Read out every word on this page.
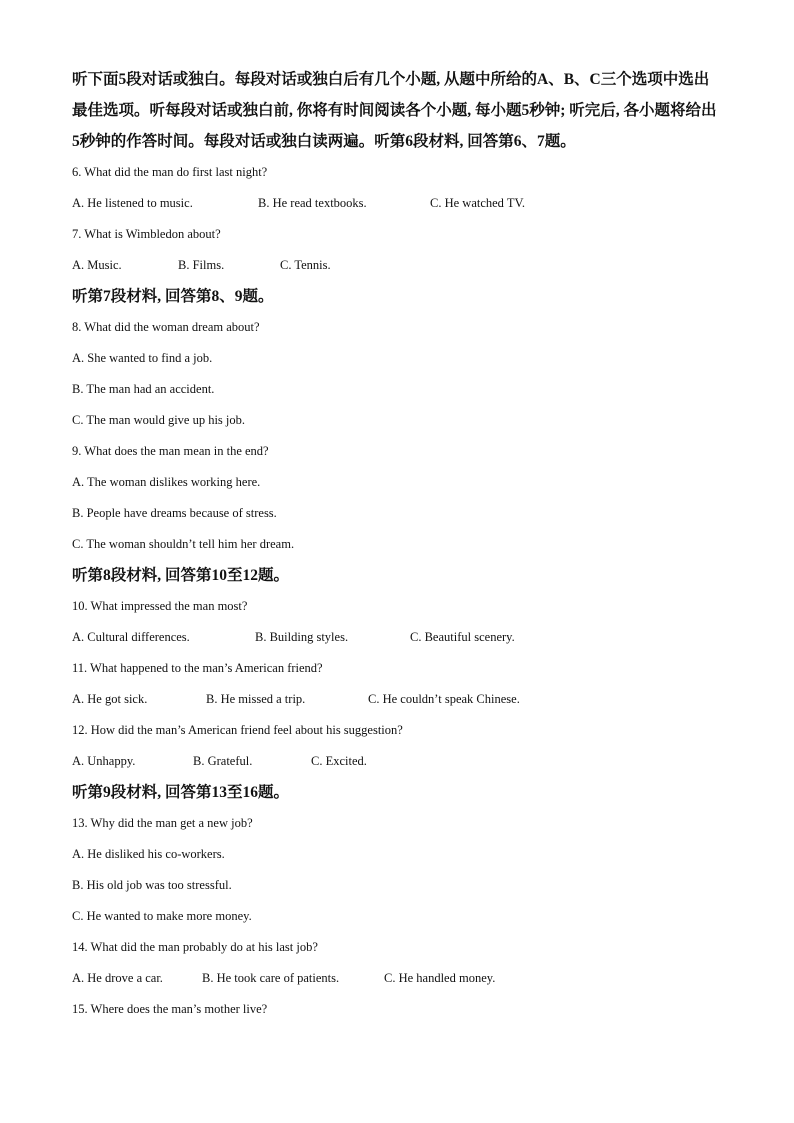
听下面5段对话或独白。每段对话或独白后有几个小题, 从题中所给的A、B、C三个选项中选出最佳选项。听每段对话或独白前, 你将有时间阅读各个小题, 每小题5秒钟; 听完后, 各小题将给出5秒钟的作答时间。每段对话或独白读两遍。听第6段材料, 回答第6、7题。

6. What did the man do first last night?

A. He listened to music.	B. He read textbooks.	C. He watched TV.

7. What is Wimbledon about?

A. Music.	B. Films.	C. Tennis.

听第7段材料, 回答第8、9题。

8. What did the woman dream about?

A. She wanted to find a job.

B. The man had an accident.

C. The man would give up his job.

9. What does the man mean in the end?

A. The woman dislikes working here.

B. People have dreams because of stress.

C. The woman shouldn’t tell him her dream.

听第8段材料, 回答第10至12题。

10. What impressed the man most?

A. Cultural differences.	B. Building styles.	C. Beautiful scenery.

11. What happened to the man’s American friend?

A. He got sick.	B. He missed a trip.	C. He couldn’t speak Chinese.

12. How did the man’s American friend feel about his suggestion?

A. Unhappy.	B. Grateful.	C. Excited.

听第9段材料, 回答第13至16题。

13. Why did the man get a new job?

A. He disliked his co-workers.

B. His old job was too stressful.

C. He wanted to make more money.

14. What did the man probably do at his last job?

A. He drove a car.	B. He took care of patients.	C. He handled money.

15. Where does the man’s mother live?
